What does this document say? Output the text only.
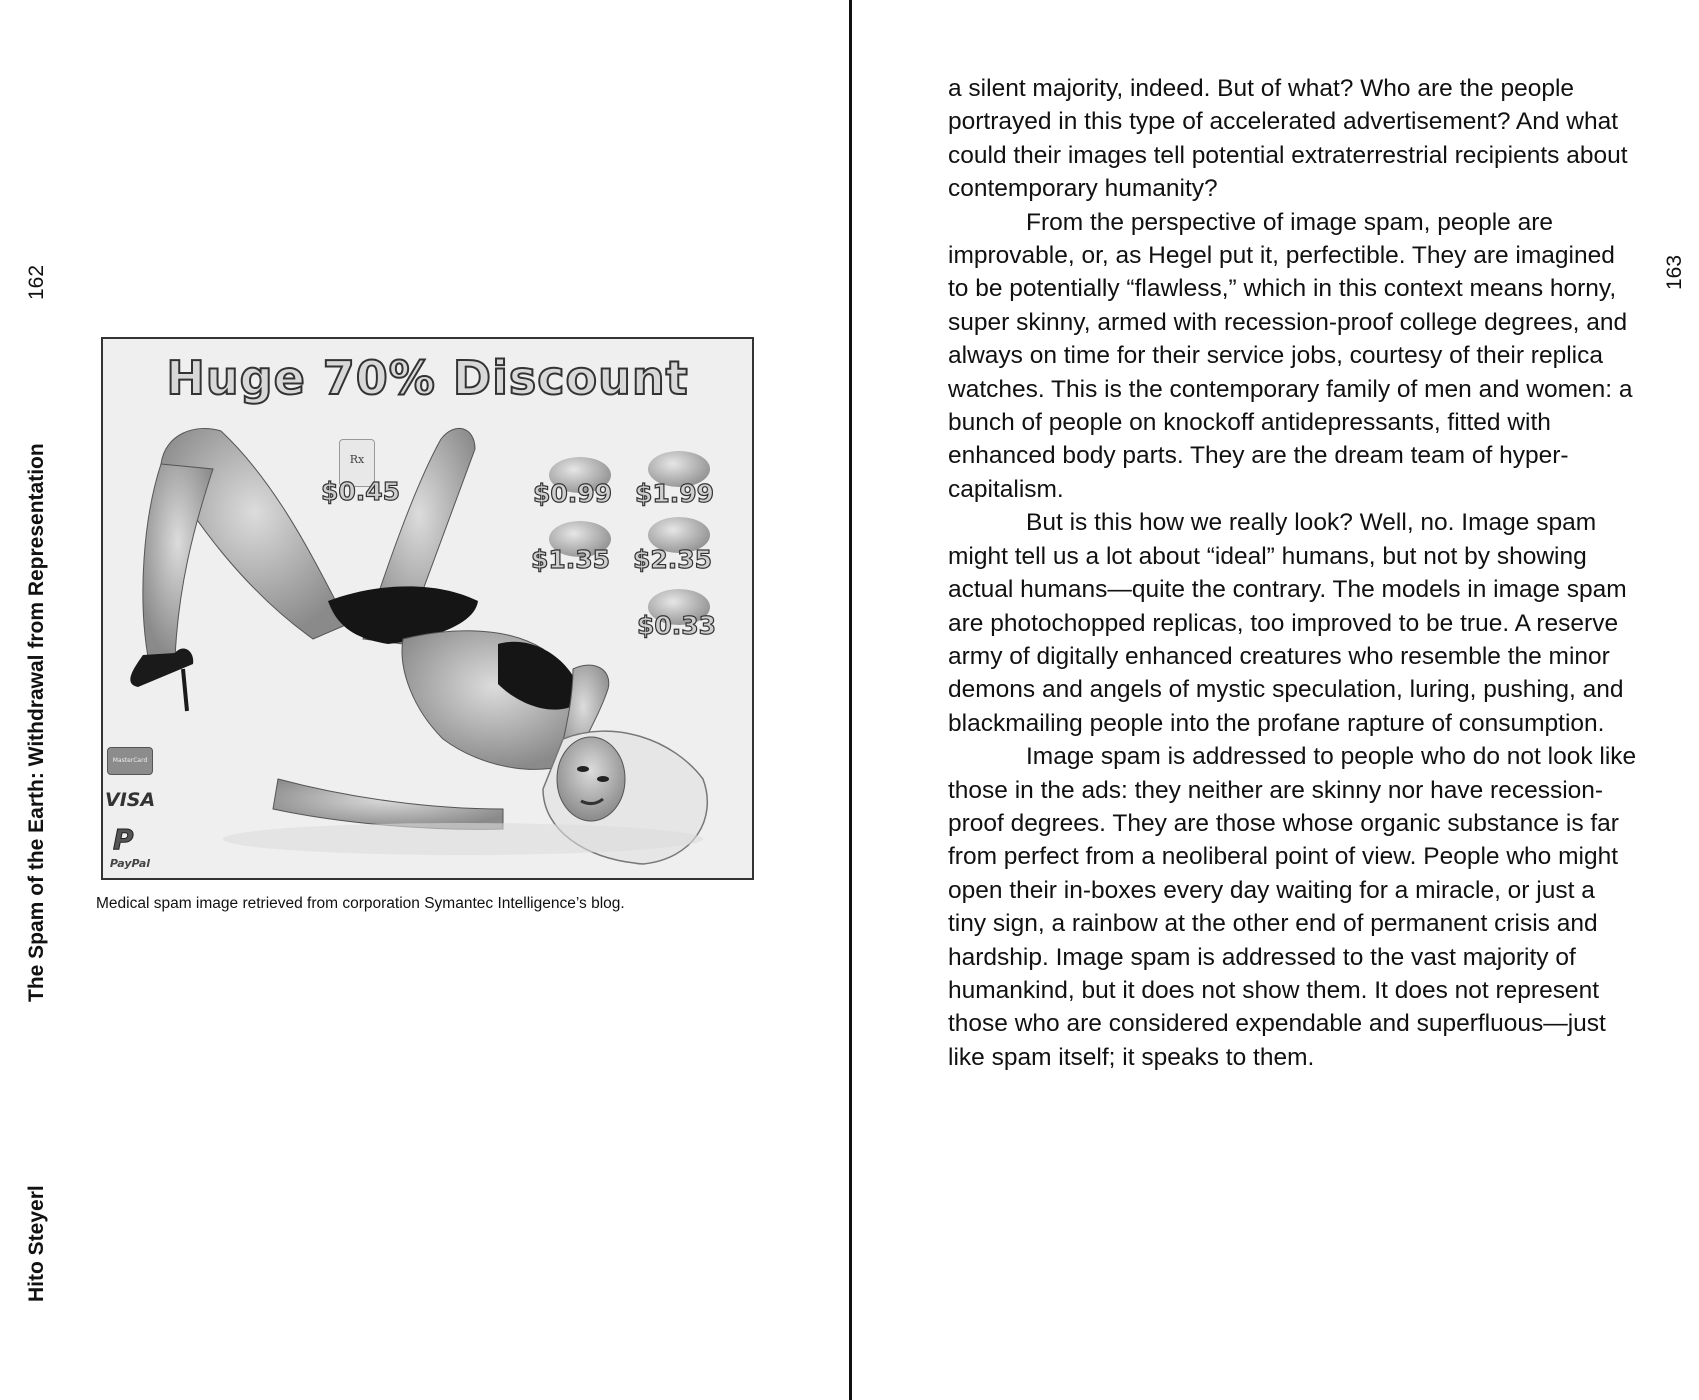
162
The Spam of the Earth: Withdrawal from Representation
Hito Steyerl
Huge 70% Discount
Rx
$0.45	$0.99 $1.99
$1.35 $2.35
$0.33
MasterCard
VISA
P
PayPal
Medical spam image retrieved from corporation Symantec Intelligence’s blog.
163

a silent majority, indeed. But of what? Who are the people portrayed in this type of accelerated advertisement? And what could their images tell potential extraterrestrial recipients about contemporary humanity?

From the perspective of image spam, people are improvable, or, as Hegel put it, perfectible. They are imagined to be potentially “flawless,” which in this context means horny, super skinny, armed with recession-proof college degrees, and always on time for their service jobs, courtesy of their replica watches. This is the contemporary family of men and women: a bunch of people on knockoff antidepressants, fitted with enhanced body parts. They are the dream team of hypercapitalism.

But is this how we really look? Well, no. Image spam might tell us a lot about “ideal” humans, but not by showing actual humans—quite the contrary. The models in image spam are photochopped replicas, too improved to be true. A reserve army of digitally enhanced creatures who resemble the minor demons and angels of mystic speculation, luring, pushing, and blackmailing people into the profane rapture of consumption.

Image spam is addressed to people who do not look like those in the ads: they neither are skinny nor have recession-proof degrees. They are those whose organic substance is far from perfect from a neoliberal point of view. People who might open their in-boxes every day waiting for a miracle, or just a tiny sign, a rainbow at the other end of permanent crisis and hardship. Image spam is addressed to the vast majority of humankind, but it does not show them. It does not represent those who are considered expendable and superfluous—just like spam itself; it speaks to them.
